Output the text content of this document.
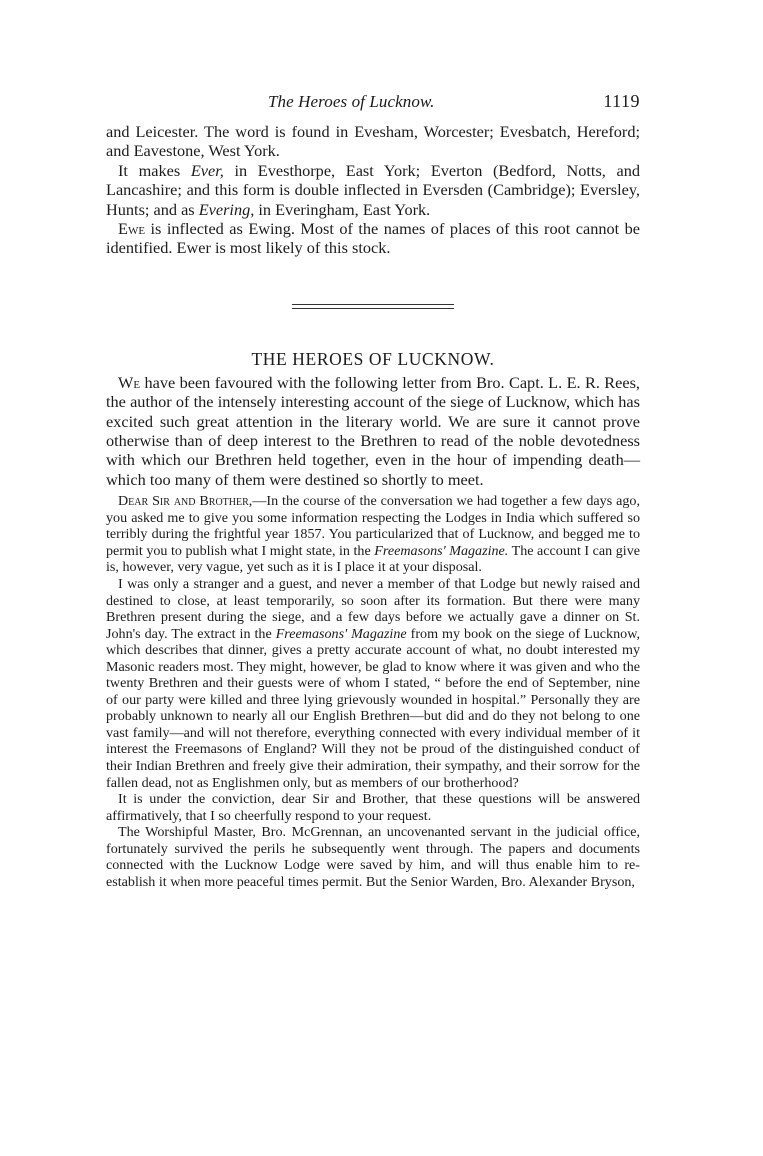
The Heroes of Lucknow.	1119

and Leicester. The word is found in Evesham, Worcester; Evesbatch, Hereford; and Eavestone, West York.

It makes Ever, in Evesthorpe, East York; Everton (Bedford, Notts, and Lancashire; and this form is double inflected in Eversden (Cambridge); Eversley, Hunts; and as Evering, in Everingham, East York.

Ewe is inflected as Ewing. Most of the names of places of this root cannot be identified. Ewer is most likely of this stock.

THE HEROES OF LUCKNOW.

We have been favoured with the following letter from Bro. Capt. L. E. R. Rees, the author of the intensely interesting account of the siege of Lucknow, which has excited such great attention in the literary world. We are sure it cannot prove otherwise than of deep interest to the Brethren to read of the noble devotedness with which our Brethren held together, even in the hour of impending death—which too many of them were destined so shortly to meet.

Dear Sir and Brother,—In the course of the conversation we had together a few days ago, you asked me to give you some information respecting the Lodges in India which suffered so terribly during the frightful year 1857. You particularized that of Lucknow, and begged me to permit you to publish what I might state, in the Freemasons' Magazine. The account I can give is, however, very vague, yet such as it is I place it at your disposal.

I was only a stranger and a guest, and never a member of that Lodge but newly raised and destined to close, at least temporarily, so soon after its formation. But there were many Brethren present during the siege, and a few days before we actually gave a dinner on St. John's day. The extract in the Freemasons' Magazine from my book on the siege of Lucknow, which describes that dinner, gives a pretty accurate account of what, no doubt interested my Masonic readers most. They might, however, be glad to know where it was given and who the twenty Brethren and their guests were of whom I stated, “ before the end of September, nine of our party were killed and three lying grievously wounded in hospital.” Personally they are probably unknown to nearly all our English Brethren—but did and do they not belong to one vast family—and will not therefore, everything connected with every individual member of it interest the Freemasons of England? Will they not be proud of the distinguished conduct of their Indian Brethren and freely give their admiration, their sympathy, and their sorrow for the fallen dead, not as Englishmen only, but as members of our brotherhood?

It is under the conviction, dear Sir and Brother, that these questions will be answered affirmatively, that I so cheerfully respond to your request.

The Worshipful Master, Bro. McGrennan, an uncovenanted servant in the judicial office, fortunately survived the perils he subsequently went through. The papers and documents connected with the Lucknow Lodge were saved by him, and will thus enable him to re-establish it when more peaceful times permit. But the Senior Warden, Bro. Alexander Bryson,
